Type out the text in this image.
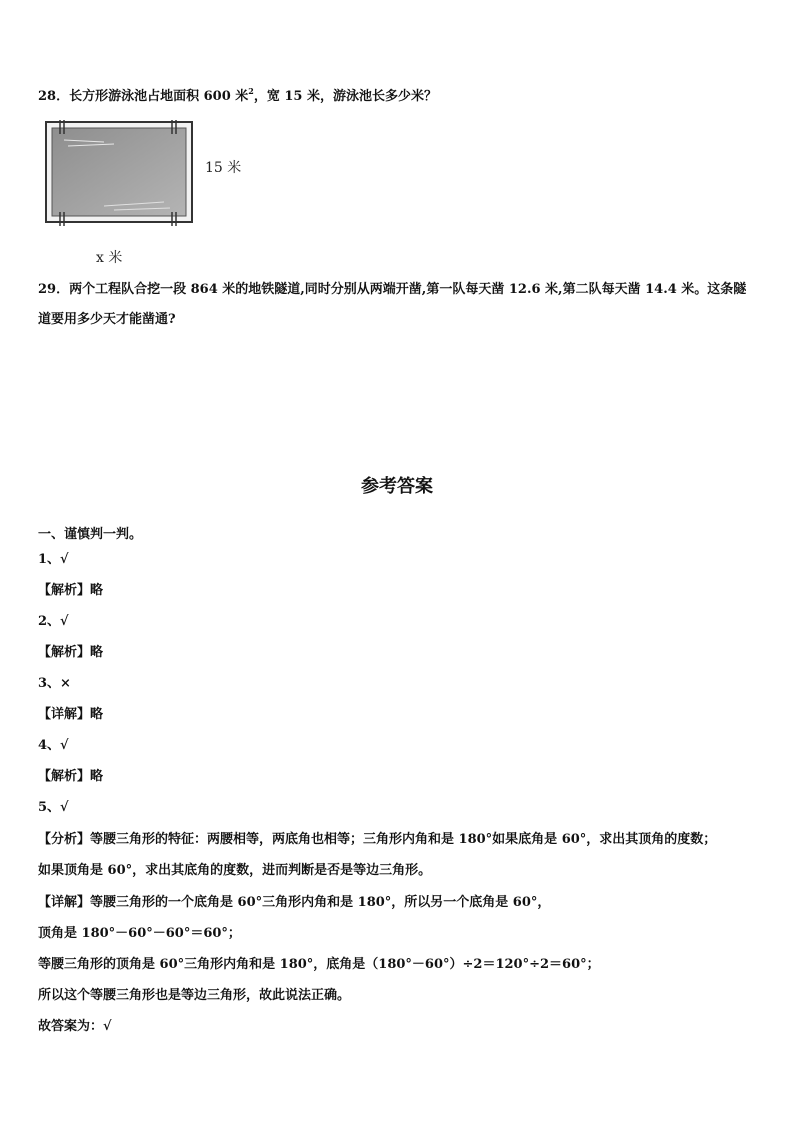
28．长方形游泳池占地面积 600 米$^2$，宽 15 米，游泳池长多少米？
15 米
x 米
29．两个工程队合挖一段 864 米的地铁隧道,同时分别从两端开凿,第一队每天凿 12.6 米,第二队每天凿 14.4 米。这条隧
道要用多少天才能凿通?
参考答案
一、谨慎判一判。
1、√
【解析】略
2、√
【解析】略
3、×
【详解】略
4、√
【解析】略
5、√
【分析】等腰三角形的特征：两腰相等，两底角也相等；三角形内角和是 180°如果底角是 60°，求出其顶角的度数；
如果顶角是 60°，求出其底角的度数，进而判断是否是等边三角形。
【详解】等腰三角形的一个底角是 60°三角形内角和是 180°，所以另一个底角是 60°，
顶角是 180°－60°－60°＝60°；
等腰三角形的顶角是 60°三角形内角和是 180°，底角是（180°－60°）÷2＝120°÷2＝60°；
所以这个等腰三角形也是等边三角形，故此说法正确。
故答案为：√
